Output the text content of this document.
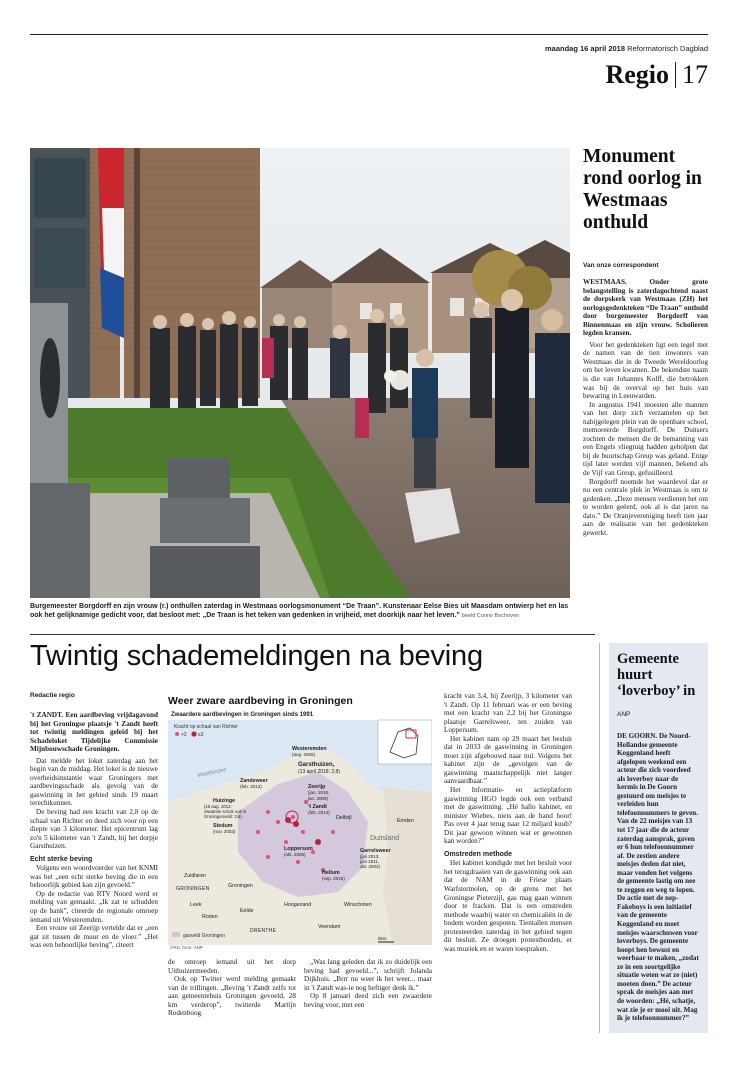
maandag 16 april 2018 Reformatorisch Dagblad
Regio 17
Burgemeester Borgdorff en zijn vrouw (r.) onthullen zaterdag in Westmaas oorlogsmonument “De Traan”. Kunstenaar Eelse Bies uit Maasdam ontwierp het en las ook het gelijknamige gedicht voor, dat besloot met: „De Traan is het teken van gedenken in vrijheid, met doorkijk naar het leven.” beeld Conno Bochoven
Monument rond oorlog in Westmaas onthuld
Van onze correspondent

WESTMAAS. Onder grote belangstelling is zaterdagochtend naast de dorpskerk van Westmaas (ZH) het oorlogsgedenkteken “De Traan” onthuld door burgemeester Borgdorff van Binnenmaas en zijn vrouw. Scholieren legden kransen.

Voor het gedenkteken ligt een tegel met de namen van de tien inwoners van Westmaas die in de Tweede Wereldoorlog om het leven kwamen. De bekendste naam is die van Johannes Kolff, die betrokken was bij de overval op het huis van bewaring in Leeuwarden.

In augustus 1941 moesten alle mannen van het dorp zich verzamelen op het nabijgelegen plein van de openbare school, memoreerde Borgdorff. De Duitsers zochten de mensen die de bemanning van een Engels vliegtuig hadden geholpen dat bij de buurtschap Greup was geland. Enige tijd later werden vijf mannen, bekend als de Vijf van Greup, gefusilleerd.

Borgdorff noemde het waardevol dat er nu een centrale plek in Westmaas is om te gedenken. „Deze mensen verdienen het om te worden geëerd, ook al is dat jaren na dato.” De Oranjevereniging heeft tien jaar aan de realisatie van het gedenkteken gewerkt.

Twintig schademeldingen na beving
Redactie regio

't ZANDT. Een aardbeving vrijdagavond bij het Groningse plaatsje 't Zandt heeft tot twintig meldingen geleid bij het Schadeloket Tijdelijke Commissie Mijnbouwschade Groningen.

Dat meldde het loket zaterdag aan het begin van de middag. Het loket is de nieuwe overheidsinstantie waar Groningers met aardbevingsschade als gevolg van de gaswinning in het gebied sinds 19 maart terechtkunnen.

De beving had een kracht van 2,8 op de schaal van Richter en deed zich voor op een diepte van 3 kilometer. Het epicentrum lag zo'n 5 kilometer van 't Zandt, bij het dorpje Garsthuizen.

Echt sterke beving

Volgens een woordvoerder van het KNMI was het „een echt sterke beving die in een behoorlijk gebied kan zijn gevoeld.”

Op de redactie van RTV Noord werd er melding van gemaakt. „Ik zat te schudden op de bank”, citeerde de regionale omroep iemand uit Westeremden.

Een vrouw uit Zeerijp vertelde dat er „een gat zit tussen de muur en de vloer.” „Het was een behoorlijke beving”, citeert

Weer zware aardbeving in Groningen
Zwaardere aardbevingen in Groningen sinds 1991
Kracht op schaal van Richter
>2 ≥3
Waddenzee
Duitsland
Westeremden
(aug. 2006)
Garsthuizen,
(13 april 2018: 2,8)
Zandeweer
(feb. 2013)	Zeerijp
(jan. 2018,
jan. 2009)
Huizinge
(16 aug. 2012:
zwaarste schok ooit in
Groningenveld: 3,6)
't Zandt
(feb. 2014)
Delfzijl
Stedum
(nov. 2003)
Emden
Loppersum
(okt. 2006)
Garrelsweer
(juli 2013,
juni 2011,
okt. 2003)
Hellum
(sep. 2015)
Zuidlaren
Groningen
GRONINGEN
Leek
Roden
Eelde
Hoogezand	Winschoten
Veendam
DRENTHE
gasveld Groningen
©RD, bron: ANP
5km

de omroep iemand uit het dorp Uithuizermeeden.

Ook op Twitter werd melding gemaakt van de trillingen. „Beving 't Zandt zelfs tot aan gemeentehuis Groningen gevoeld, 28 km verderop”, twitterde Martijn Rodenboog.

„Was lang geleden dat ik zo duidelijk een beving had gevoeld...”, schrijft Jolanda Dijkhuis. „Brrr nu weet ik het weer... maar in 't Zandt was-ie nog heftiger denk ik.”

Op 8 januari deed zich een zwaardere beving voor, met een

kracht van 3,4, bij Zeerijp, 3 kilometer van 't Zandt. Op 11 februari was er een beving met een kracht van 2,2 bij het Groningse plaatsje Garrelsweer, ten zuiden van Loppersum.

Het kabinet nam op 29 maart het besluit dat in 2033 de gaswinning in Groningen moet zijn afgebouwd naar nul. Volgens het kabinet zijn de „gevolgen van de gaswinning maatschappelijk niet langer aanvaardbaar.”

Het Informatie- en actieplatform gaswinning HGO legde ook een verband met de gaswinning. „Hé hallo kabinet, en minister Wiebes, niets aan de hand hoor! Pas over 4 jaar terug naar 12 miljard kuub? Dit jaar gewoon winnen wat er gewonnen kan worden?”

Omstreden methode

Het kabinet kondigde met het besluit voor het terugdraaien van de gaswinning ook aan dat de NAM in de Friese plaats Warfstermolen, op de grens met het Groningse Pieterzijl, gas mag gaan winnen door te fracken. Dat is een omstreden methode waarbij water en chemicaliën in de bodem worden gespoten. Tientallen mensen protesteerden zaterdag in het gebied tegen dit besluit. Ze droegen protestborden, er was muziek en er waren toespraken.

Gemeente huurt ‘loverboy’ in
ANP
DE GOORN. De Noord-Hollandse gemeente Koggenland heeft afgelopen weekend een acteur die zich voordeed als loverboy naar de kermis in De Goorn gestuurd om meisjes te verleiden hun telefoonnummers te geven. Van de 22 meisjes van 13 tot 17 jaar die de acteur zaterdag aansprak, gaven er 6 hun telefoonnummer af. De zestien andere meisjes deden dat niet, maar vonden het volgens de gemeente lastig om nee te zeggen en weg te lopen. De actie met de nep-Fakeboys is een initiatief van de gemeente Koggenland en moet meisjes waarschuwen voor loverboys. De gemeente hoopt hen bewust en weerbaar te maken, „zodat ze in een soortgelijke situatie weten wat ze (niet) moeten doen.” De acteur sprak de meisjes aan met de woorden: „Hé, schatje, wat zie je er mooi uit. Mag ik je telefoonnummer?”
